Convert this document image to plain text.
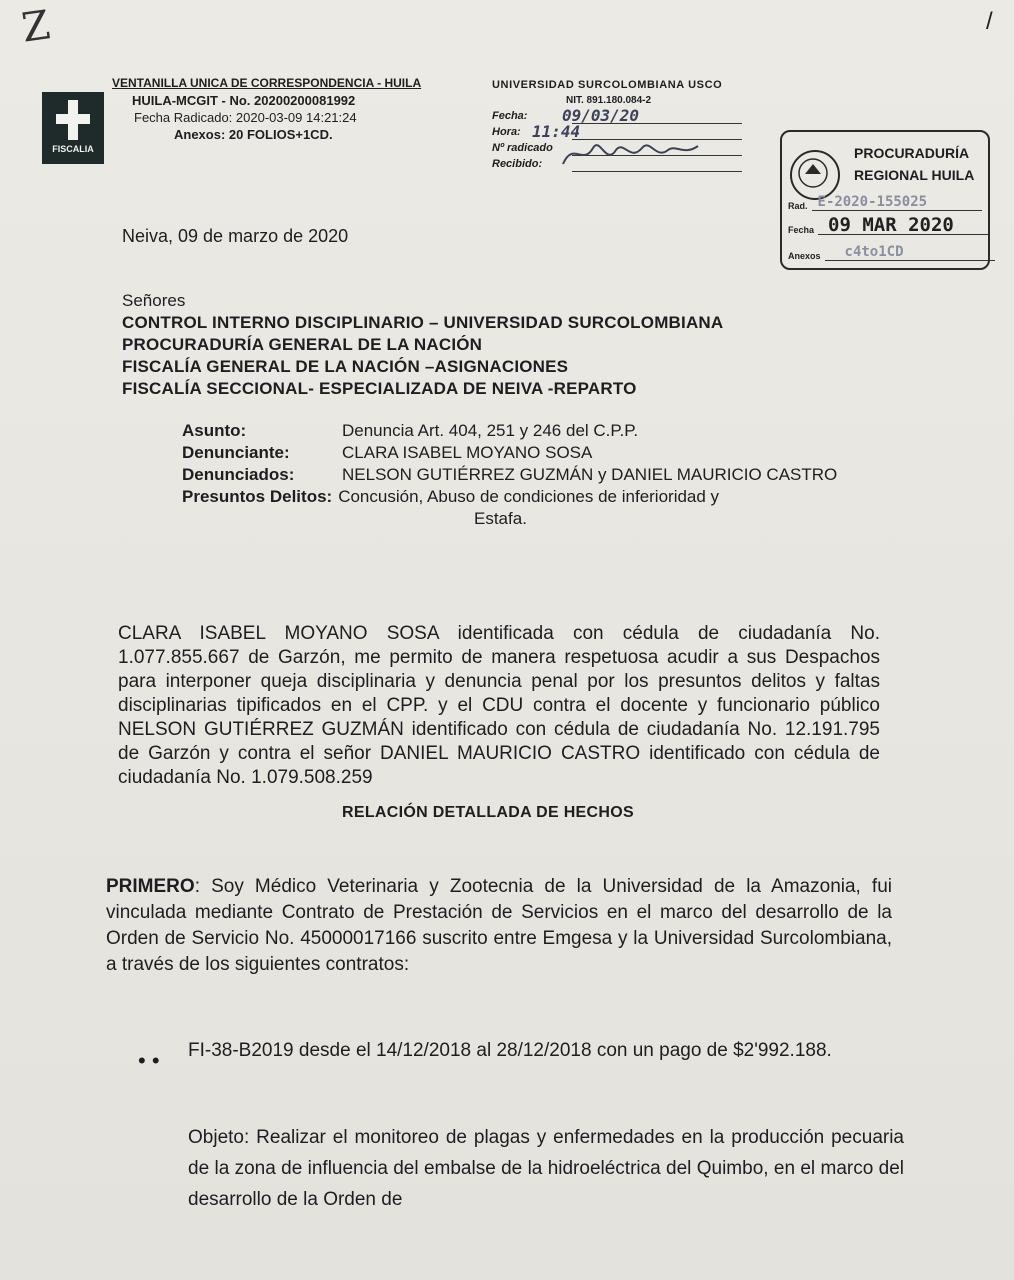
Z	/
FISCALIA
VENTANILLA UNICA DE CORRESPONDENCIA - HUILA
HUILA-MCGIT - No. 20200200081992
Fecha Radicado: 2020-03-09 14:21:24
Anexos: 20 FOLIOS+1CD.
UNIVERSIDAD SURCOLOMBIANA USCO
NIT. 891.180.084-2
Fecha:	09/03/20
Hora: 11:44
Nº radicado
Recibido:
PROCURADURÍA
REGIONAL HUILA
Rad. E-2020-155025
Fecha 09 MAR 2020
Anexos c4to1CD
Neiva, 09 de marzo de 2020
Señores
CONTROL INTERNO DISCIPLINARIO – UNIVERSIDAD SURCOLOMBIANA
PROCURADURÍA GENERAL DE LA NACIÓN
FISCALÍA GENERAL DE LA NACIÓN –ASIGNACIONES
FISCALÍA SECCIONAL- ESPECIALIZADA DE NEIVA -REPARTO
Asunto:	Denuncia Art. 404, 251 y 246 del C.P.P.
Denunciante:	CLARA ISABEL MOYANO SOSA
Denunciados:	NELSON GUTIÉRREZ GUZMÁN y DANIEL MAURICIO CASTRO
Presuntos Delitos: Concusión, Abuso de condiciones de inferioridad y
Estafa.
CLARA ISABEL MOYANO SOSA identificada con cédula de ciudadanía No. 1.077.855.667 de Garzón, me permito de manera respetuosa acudir a sus Despachos para interponer queja disciplinaria y denuncia penal por los presuntos delitos y faltas disciplinarias tipificados en el CPP. y el CDU contra el docente y funcionario público NELSON GUTIÉRREZ GUZMÁN identificado con cédula de ciudadanía No. 12.191.795 de Garzón y contra el señor DANIEL MAURICIO CASTRO identificado con cédula de ciudadanía No. 1.079.508.259
RELACIÓN DETALLADA DE HECHOS
PRIMERO: Soy Médico Veterinaria y Zootecnia de la Universidad de la Amazonia, fui vinculada mediante Contrato de Prestación de Servicios en el marco del desarrollo de la Orden de Servicio No. 45000017166 suscrito entre Emgesa y la Universidad Surcolombiana, a través de los siguientes contratos:
• • FI-38-B2019 desde el 14/12/2018 al 28/12/2018 con un pago de $2'992.188.
Objeto: Realizar el monitoreo de plagas y enfermedades en la producción pecuaria de la zona de influencia del embalse de la hidroeléctrica del Quimbo, en el marco del desarrollo de la Orden de
